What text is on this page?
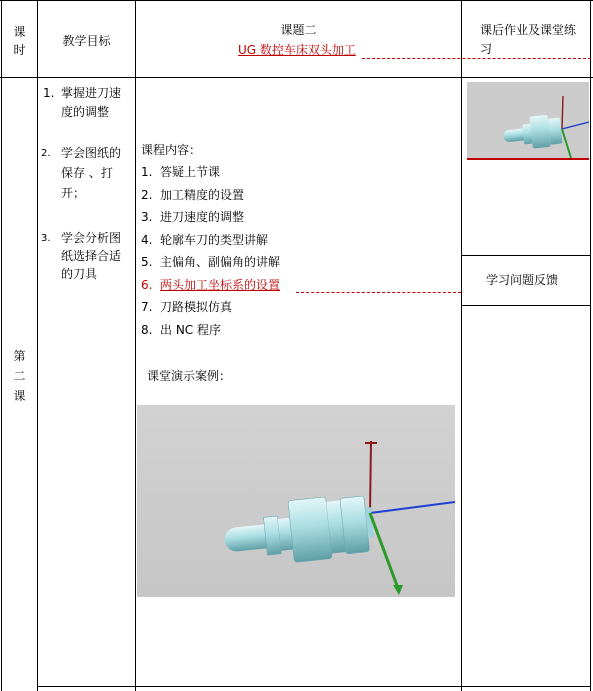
课
时
教学目标
课题二
UG 数控车床双头加工
课后作业及课堂练
习
第
二
课
1. 掌握进刀速
度的调整
2. 学会图纸的
保存 、打
开；
3. 学会分析图
纸选择合适
的刀具
课程内容：
1. 答疑上节课
2. 加工精度的设置
3. 进刀速度的调整
4. 轮廓车刀的类型讲解
5. 主偏角、副偏角的讲解
6. 两头加工坐标系的设置
7. 刀路模拟仿真
8. 出 NC 程序
课堂演示案例：
学习问题反馈
